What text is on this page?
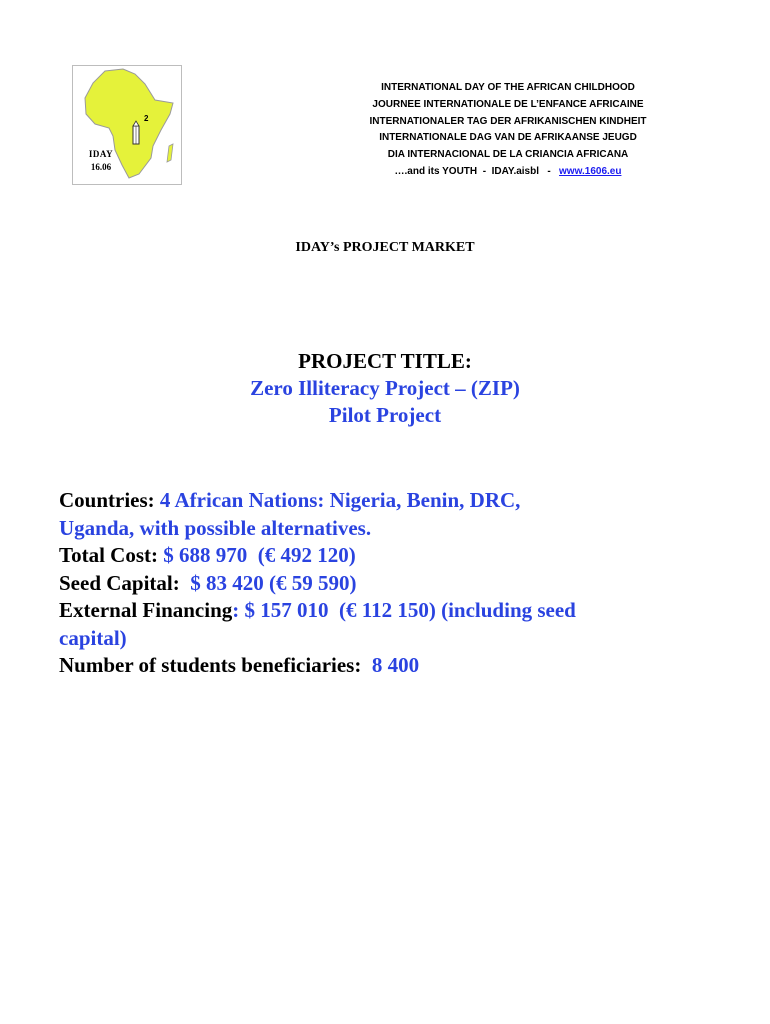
2
IDAY
16.06
INTERNATIONAL DAY OF THE AFRICAN CHILDHOOD
JOURNEE INTERNATIONALE DE L’ENFANCE AFRICAINE
INTERNATIONALER TAG DER AFRIKANISCHEN KINDHEIT
INTERNATIONALE DAG VAN DE AFRIKAANSE JEUGD
DIA INTERNACIONAL DE LA CRIANCIA AFRICANA
….and its YOUTH  -  IDAY.aisbl   -   www.1606.eu
IDAY’s PROJECT MARKET
PROJECT TITLE:
Zero Illiteracy Project – (ZIP)
Pilot Project

Countries: 4 African Nations: Nigeria, Benin, DRC,

Uganda, with possible alternatives.

Total Cost: $ 688 970  (€ 492 120)

Seed Capital:  $ 83 420 (€ 59 590)

External Financing: $ 157 010  (€ 112 150) (including seed

capital)

Number of students beneficiaries:  8 400
